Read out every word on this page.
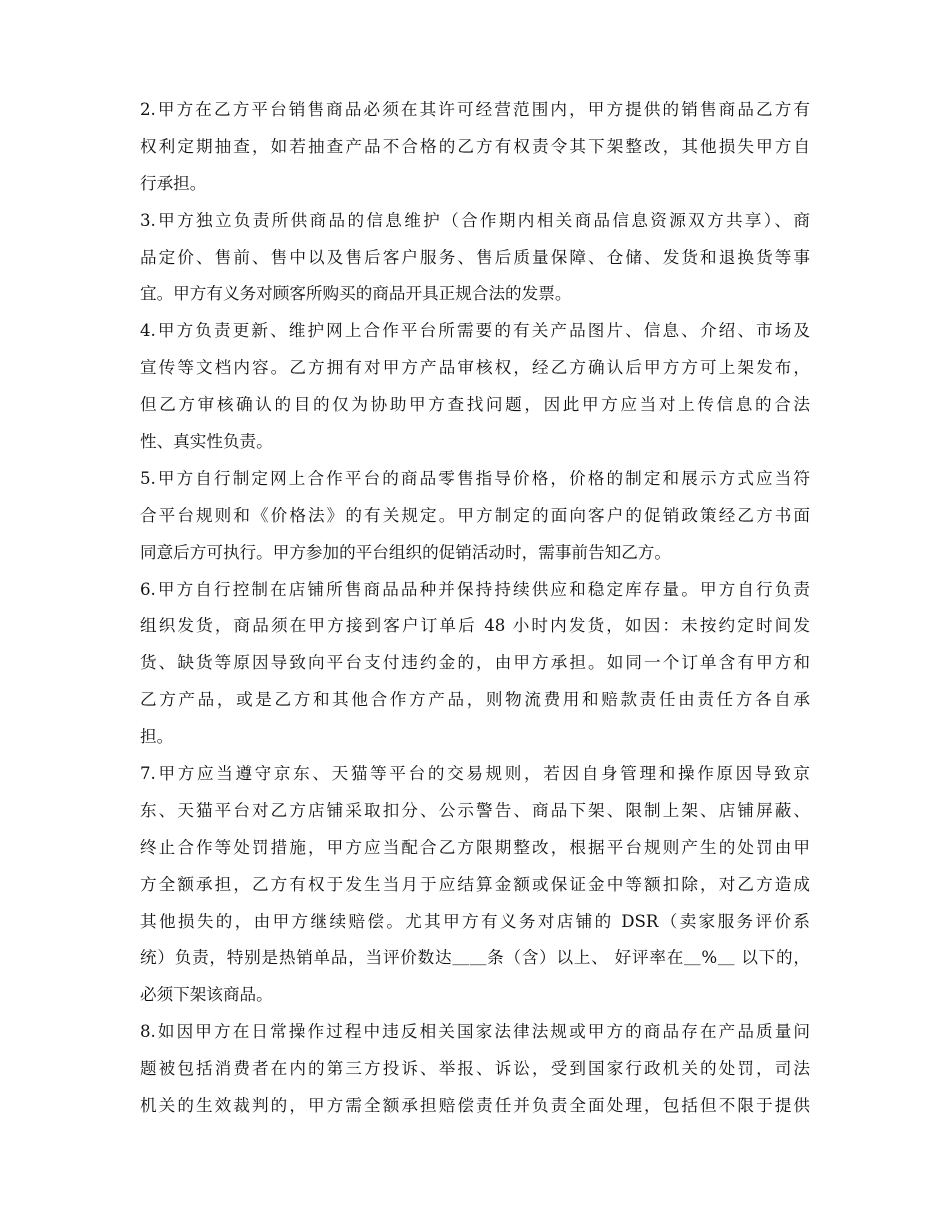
2.甲方在乙方平台销售商品必须在其许可经营范围内，甲方提供的销售商品乙方有
权利定期抽查，如若抽查产品不合格的乙方有权责令其下架整改，其他损失甲方自
行承担。
3.甲方独立负责所供商品的信息维护（合作期内相关商品信息资源双方共享）、商
品定价、售前、售中以及售后客户服务、售后质量保障、仓储、发货和退换货等事
宜。甲方有义务对顾客所购买的商品开具正规合法的发票。
4.甲方负责更新、维护网上合作平台所需要的有关产品图片、信息、介绍、市场及
宣传等文档内容。乙方拥有对甲方产品审核权，经乙方确认后甲方方可上架发布，
但乙方审核确认的目的仅为协助甲方查找问题，因此甲方应当对上传信息的合法
性、真实性负责。
5.甲方自行制定网上合作平台的商品零售指导价格，价格的制定和展示方式应当符
合平台规则和《价格法》的有关规定。甲方制定的面向客户的促销政策经乙方书面
同意后方可执行。甲方参加的平台组织的促销活动时，需事前告知乙方。
6.甲方自行控制在店铺所售商品品种并保持持续供应和稳定库存量。甲方自行负责
组织发货，商品须在甲方接到客户订单后 48 小时内发货，如因：未按约定时间发
货、缺货等原因导致向平台支付违约金的，由甲方承担。如同一个订单含有甲方和
乙方产品，或是乙方和其他合作方产品，则物流费用和赔款责任由责任方各自承
担。
7.甲方应当遵守京东、天猫等平台的交易规则，若因自身管理和操作原因导致京
东、天猫平台对乙方店铺采取扣分、公示警告、商品下架、限制上架、店铺屏蔽、
终止合作等处罚措施，甲方应当配合乙方限期整改，根据平台规则产生的处罚由甲
方全额承担，乙方有权于发生当月于应结算金额或保证金中等额扣除，对乙方造成
其他损失的，由甲方继续赔偿。尤其甲方有义务对店铺的 DSR（卖家服务评价系
统）负责，特别是热销单品，当评价数达＿＿条（含）以上、 好评率在＿%＿ 以下的，
必须下架该商品。
8.如因甲方在日常操作过程中违反相关国家法律法规或甲方的商品存在产品质量问
题被包括消费者在内的第三方投诉、举报、诉讼，受到国家行政机关的处罚，司法
机关的生效裁判的，甲方需全额承担赔偿责任并负责全面处理，包括但不限于提供
